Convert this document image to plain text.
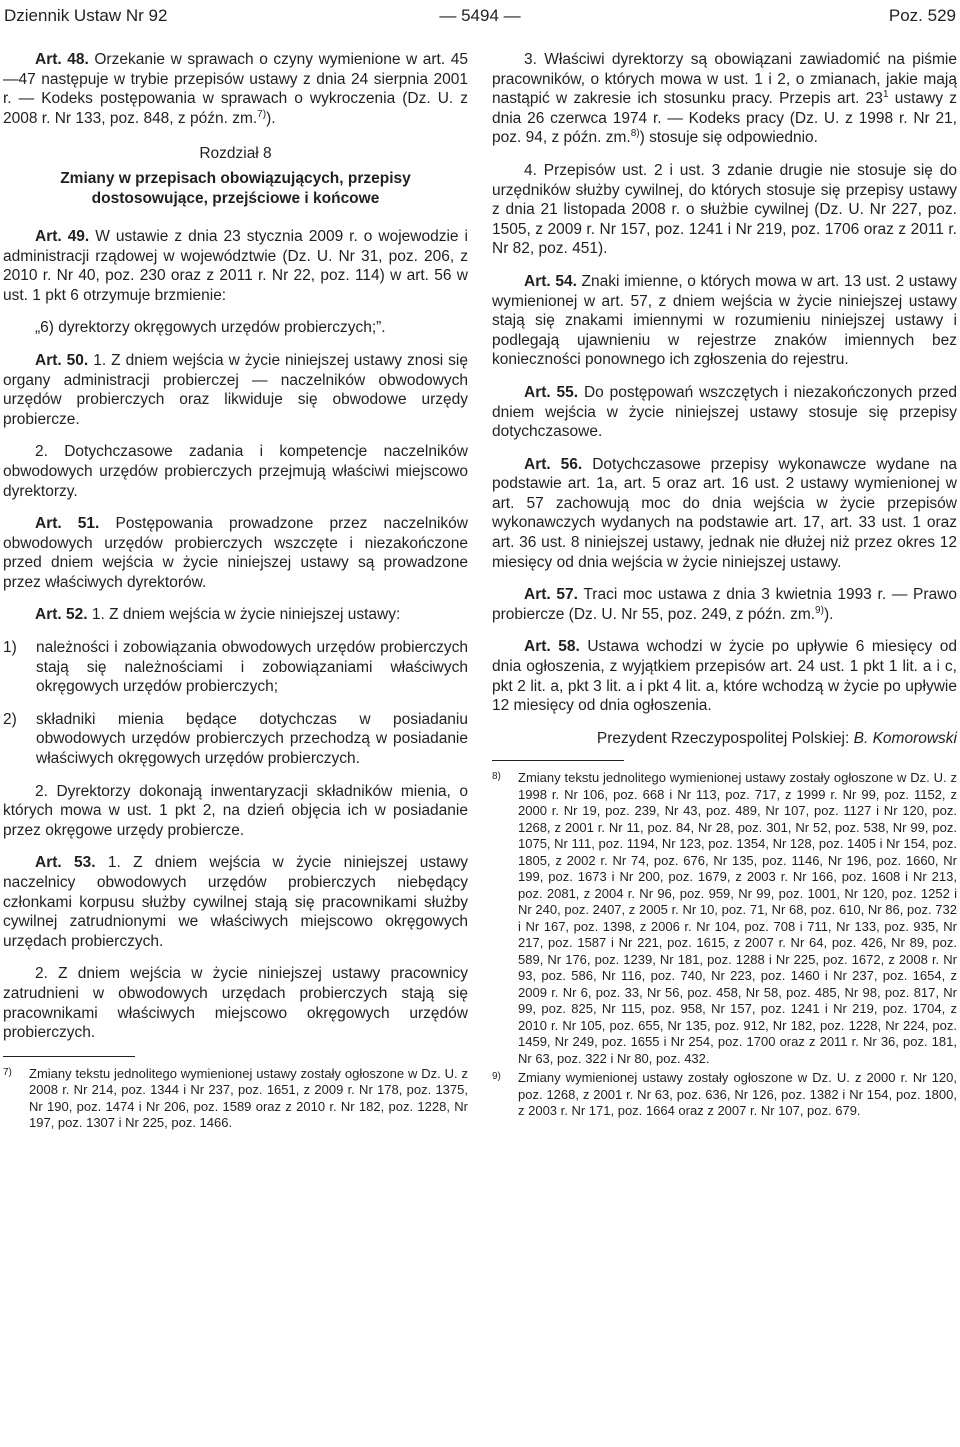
Dziennik Ustaw Nr 92	— 5494 —	Poz. 529

Art. 48. Orzekanie w sprawach o czyny wymienione w art. 45—47 następuje w trybie przepisów ustawy z dnia 24 sierpnia 2001 r. — Kodeks postępowania w sprawach o wykroczenia (Dz. U. z 2008 r. Nr 133, poz. 848, z późn. zm.$^{7)}$).

Rozdział 8
Zmiany w przepisach obowiązujących, przepisy dostosowujące, przejściowe i końcowe

Art. 49. W ustawie z dnia 23 stycznia 2009 r. o wojewodzie i administracji rządowej w województwie (Dz. U. Nr 31, poz. 206, z 2010 r. Nr 40, poz. 230 oraz z 2011 r. Nr 22, poz. 114) w art. 56 w ust. 1 pkt 6 otrzymuje brzmienie:

„6) dyrektorzy okręgowych urzędów probierczych;”.

Art. 50. 1. Z dniem wejścia w życie niniejszej ustawy znosi się organy administracji probierczej — naczelników obwodowych urzędów probierczych oraz likwiduje się obwodowe urzędy probiercze.

2. Dotychczasowe zadania i kompetencje naczelników obwodowych urzędów probierczych przejmują właściwi miejscowo dyrektorzy.

Art. 51. Postępowania prowadzone przez naczelników obwodowych urzędów probierczych wszczęte i niezakończone przed dniem wejścia w życie niniejszej ustawy są prowadzone przez właściwych dyrektorów.

Art. 52. 1. Z dniem wejścia w życie niniejszej ustawy:

1) należności i zobowiązania obwodowych urzędów probierczych stają się należnościami i zobowiązaniami właściwych okręgowych urzędów probierczych;
2) składniki mienia będące dotychczas w posiadaniu obwodowych urzędów probierczych przechodzą w posiadanie właściwych okręgowych urzędów probierczych.

2. Dyrektorzy dokonają inwentaryzacji składników mienia, o których mowa w ust. 1 pkt 2, na dzień objęcia ich w posiadanie przez okręgowe urzędy probiercze.

Art. 53. 1. Z dniem wejścia w życie niniejszej ustawy naczelnicy obwodowych urzędów probierczych niebędący członkami korpusu służby cywilnej stają się pracownikami służby cywilnej zatrudnionymi we właściwych miejscowo okręgowych urzędach probierczych.

2. Z dniem wejścia w życie niniejszej ustawy pracownicy zatrudnieni w obwodowych urzędach probierczych stają się pracownikami właściwych miejscowo okręgowych urzędów probierczych.

7) Zmiany tekstu jednolitego wymienionej ustawy zostały ogłoszone w Dz. U. z 2008 r. Nr 214, poz. 1344 i Nr 237, poz. 1651, z 2009 r. Nr 178, poz. 1375, Nr 190, poz. 1474 i Nr 206, poz. 1589 oraz z 2010 r. Nr 182, poz. 1228, Nr 197, poz. 1307 i Nr 225, poz. 1466.

3. Właściwi dyrektorzy są obowiązani zawiadomić na piśmie pracowników, o których mowa w ust. 1 i 2, o zmianach, jakie mają nastąpić w zakresie ich stosunku pracy. Przepis art. $23^1$ ustawy z dnia 26 czerwca 1974 r. — Kodeks pracy (Dz. U. z 1998 r. Nr 21, poz. 94, z późn. zm.$^{8)}$) stosuje się odpowiednio.

4. Przepisów ust. 2 i ust. 3 zdanie drugie nie stosuje się do urzędników służby cywilnej, do których stosuje się przepisy ustawy z dnia 21 listopada 2008 r. o służbie cywilnej (Dz. U. Nr 227, poz. 1505, z 2009 r. Nr 157, poz. 1241 i Nr 219, poz. 1706 oraz z 2011 r. Nr 82, poz. 451).

Art. 54. Znaki imienne, o których mowa w art. 13 ust. 2 ustawy wymienionej w art. 57, z dniem wejścia w życie niniejszej ustawy stają się znakami imiennymi w rozumieniu niniejszej ustawy i podlegają ujawnieniu w rejestrze znaków imiennych bez konieczności ponownego ich zgłoszenia do rejestru.

Art. 55. Do postępowań wszczętych i niezakończonych przed dniem wejścia w życie niniejszej ustawy stosuje się przepisy dotychczasowe.

Art. 56. Dotychczasowe przepisy wykonawcze wydane na podstawie art. 1a, art. 5 oraz art. 16 ust. 2 ustawy wymienionej w art. 57 zachowują moc do dnia wejścia w życie przepisów wykonawczych wydanych na podstawie art. 17, art. 33 ust. 1 oraz art. 36 ust. 8 niniejszej ustawy, jednak nie dłużej niż przez okres 12 miesięcy od dnia wejścia w życie niniejszej ustawy.

Art. 57. Traci moc ustawa z dnia 3 kwietnia 1993 r. — Prawo probiercze (Dz. U. Nr 55, poz. 249, z późn. zm.$^{9)}$).

Art. 58. Ustawa wchodzi w życie po upływie 6 miesięcy od dnia ogłoszenia, z wyjątkiem przepisów art. 24 ust. 1 pkt 1 lit. a i c, pkt 2 lit. a, pkt 3 lit. a i pkt 4 lit. a, które wchodzą w życie po upływie 12 miesięcy od dnia ogłoszenia.

Prezydent Rzeczypospolitej Polskiej: B. Komorowski
8) Zmiany tekstu jednolitego wymienionej ustawy zostały ogłoszone w Dz. U. z 1998 r. Nr 106, poz. 668 i Nr 113, poz. 717, z 1999 r. Nr 99, poz. 1152, z 2000 r. Nr 19, poz. 239, Nr 43, poz. 489, Nr 107, poz. 1127 i Nr 120, poz. 1268, z 2001 r. Nr 11, poz. 84, Nr 28, poz. 301, Nr 52, poz. 538, Nr 99, poz. 1075, Nr 111, poz. 1194, Nr 123, poz. 1354, Nr 128, poz. 1405 i Nr 154, poz. 1805, z 2002 r. Nr 74, poz. 676, Nr 135, poz. 1146, Nr 196, poz. 1660, Nr 199, poz. 1673 i Nr 200, poz. 1679, z 2003 r. Nr 166, poz. 1608 i Nr 213, poz. 2081, z 2004 r. Nr 96, poz. 959, Nr 99, poz. 1001, Nr 120, poz. 1252 i Nr 240, poz. 2407, z 2005 r. Nr 10, poz. 71, Nr 68, poz. 610, Nr 86, poz. 732 i Nr 167, poz. 1398, z 2006 r. Nr 104, poz. 708 i 711, Nr 133, poz. 935, Nr 217, poz. 1587 i Nr 221, poz. 1615, z 2007 r. Nr 64, poz. 426, Nr 89, poz. 589, Nr 176, poz. 1239, Nr 181, poz. 1288 i Nr 225, poz. 1672, z 2008 r. Nr 93, poz. 586, Nr 116, poz. 740, Nr 223, poz. 1460 i Nr 237, poz. 1654, z 2009 r. Nr 6, poz. 33, Nr 56, poz. 458, Nr 58, poz. 485, Nr 98, poz. 817, Nr 99, poz. 825, Nr 115, poz. 958, Nr 157, poz. 1241 i Nr 219, poz. 1704, z 2010 r. Nr 105, poz. 655, Nr 135, poz. 912, Nr 182, poz. 1228, Nr 224, poz. 1459, Nr 249, poz. 1655 i Nr 254, poz. 1700 oraz z 2011 r. Nr 36, poz. 181, Nr 63, poz. 322 i Nr 80, poz. 432.
9) Zmiany wymienionej ustawy zostały ogłoszone w Dz. U. z 2000 r. Nr 120, poz. 1268, z 2001 r. Nr 63, poz. 636, Nr 126, poz. 1382 i Nr 154, poz. 1800, z 2003 r. Nr 171, poz. 1664 oraz z 2007 r. Nr 107, poz. 679.
